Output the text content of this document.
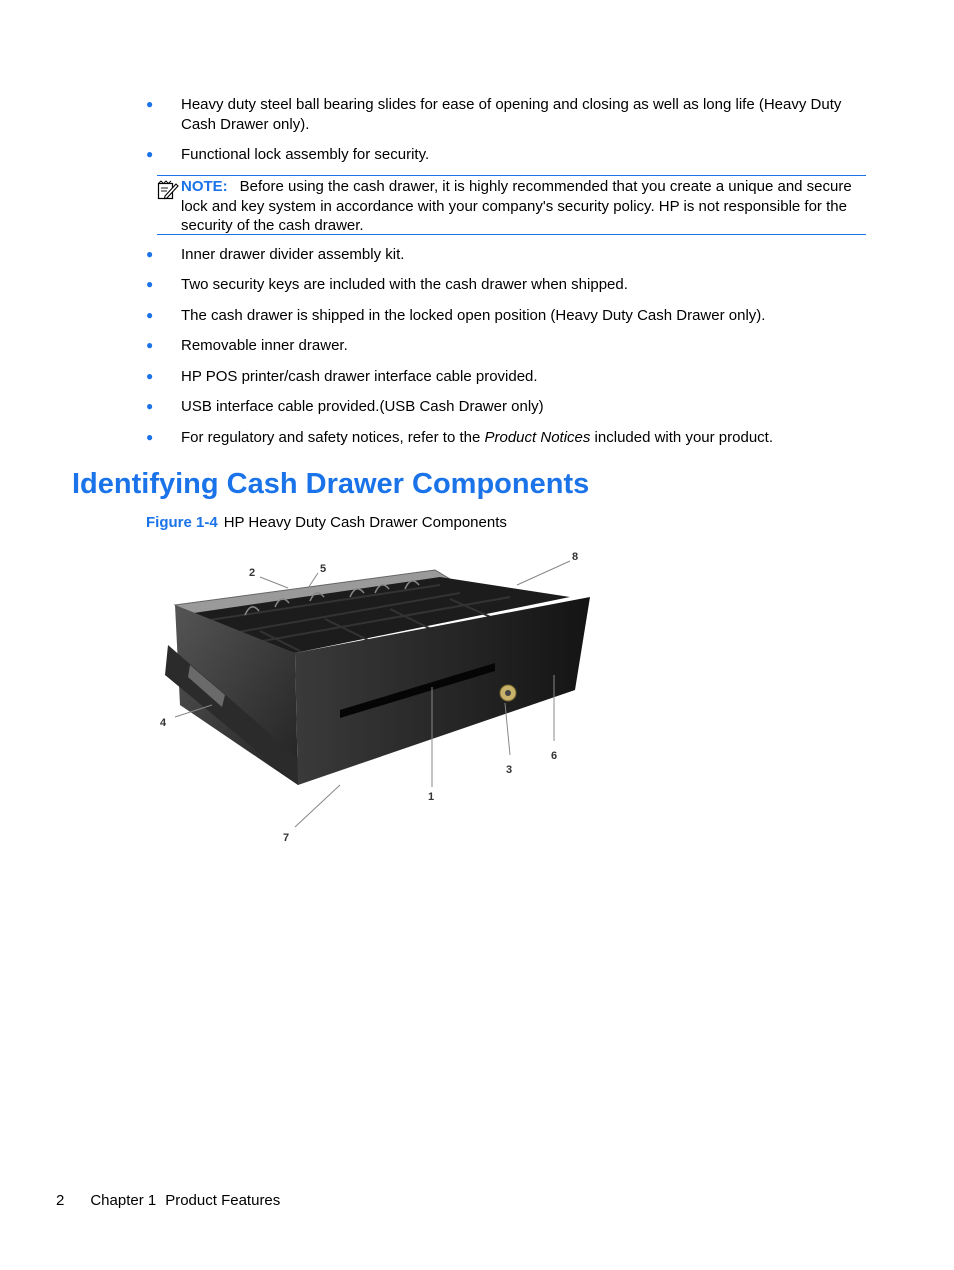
● Heavy duty steel ball bearing slides for ease of opening and closing as well as long life (Heavy Duty Cash Drawer only).
● Functional lock assembly for security.
NOTE: Before using the cash drawer, it is highly recommended that you create a unique and secure lock and key system in accordance with your company's security policy. HP is not responsible for the security of the cash drawer.
● Inner drawer divider assembly kit.
● Two security keys are included with the cash drawer when shipped.
● The cash drawer is shipped in the locked open position (Heavy Duty Cash Drawer only).
● Removable inner drawer.
● HP POS printer/cash drawer interface cable provided.
● USB interface cable provided.(USB Cash Drawer only)
● For regulatory and safety notices, refer to the Product Notices included with your product.
Identifying Cash Drawer Components
Figure 1-4 HP Heavy Duty Cash Drawer Components
1
2
3
4
5
6
7
8
2 Chapter 1 Product Features
